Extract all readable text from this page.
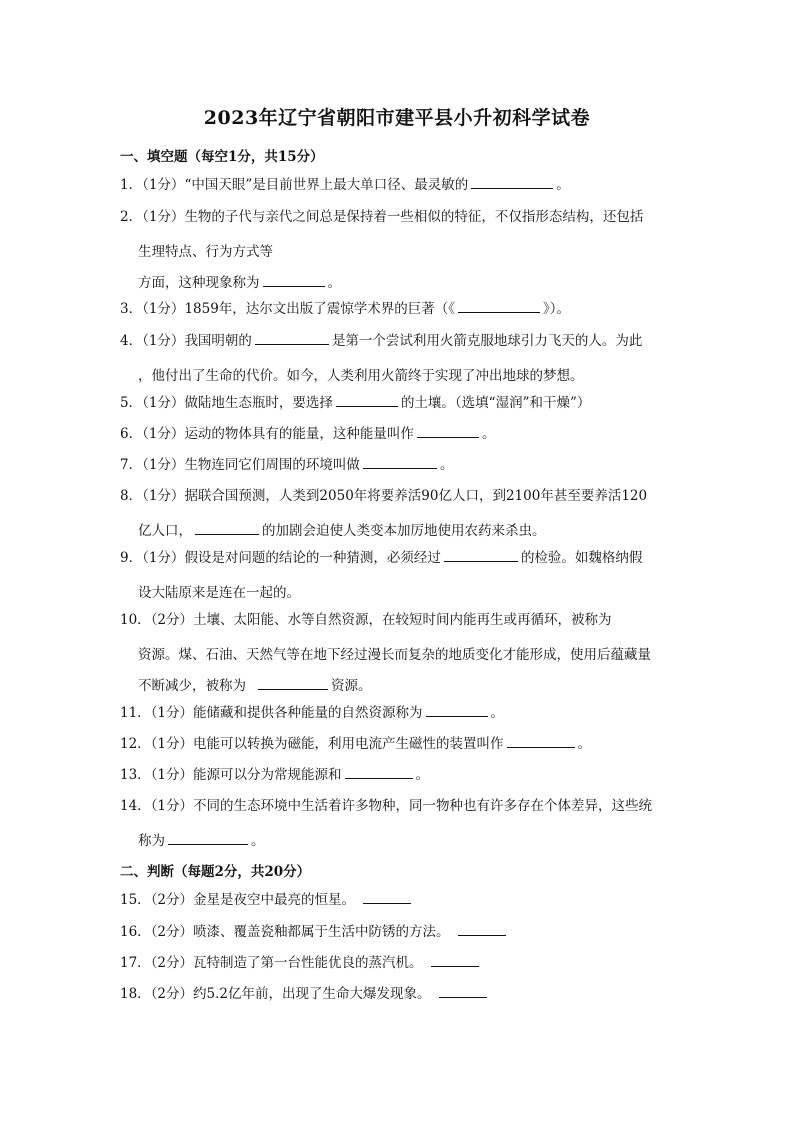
2023年辽宁省朝阳市建平县小升初科学试卷
一、填空题（每空1分，共15分）
1．（1分）“中国天眼”是目前世界上最大单口径、最灵敏的	。
2．（1分）生物的子代与亲代之间总是保持着一些相似的特征，不仅指形态结构，还包括
生理特点、行为方式等
方面，这种现象称为	。
3．（1分）1859年，达尔文出版了震惊学术界的巨著（《	》）。
4．（1分）我国明朝的	是第一个尝试利用火箭克服地球引力飞天的人。为此
，他付出了生命的代价。如今，人类利用火箭终于实现了冲出地球的梦想。
5．（1分）做陆地生态瓶时，要选择	的土壤。（选填“湿润”和干燥”）
6．（1分）运动的物体具有的能量，这种能量叫作	。
7．（1分）生物连同它们周围的环境叫做	。
8．（1分）据联合国预测，人类到2050年将要养活90亿人口，到2100年甚至要养活120
亿人口，	的加剧会迫使人类变本加厉地使用农药来杀虫。
9．（1分）假设是对问题的结论的一种猜测，必须经过	的检验。如魏格纳假
设大陆原来是连在一起的。
10．（2分）土壤、太阳能、水等自然资源，在较短时间内能再生或再循环，被称为
资源。煤、石油、天然气等在地下经过漫长而复杂的地质变化才能形成，使用后蕴藏量
不断减少，被称为	资源。
11．（1分）能储藏和提供各种能量的自然资源称为	。
12．（1分）电能可以转换为磁能，利用电流产生磁性的装置叫作	。
13．（1分）能源可以分为常规能源和	。
14．（1分）不同的生态环境中生活着许多物种，同一物种也有许多存在个体差异，这些统
称为	。
二、判断（每题2分，共20分）
15．（2分）金星是夜空中最亮的恒星。
16．（2分）喷漆、覆盖瓷釉都属于生活中防锈的方法。
17．（2分）瓦特制造了第一台性能优良的蒸汽机。
18．（2分）约5.2亿年前，出现了生命大爆发现象。
